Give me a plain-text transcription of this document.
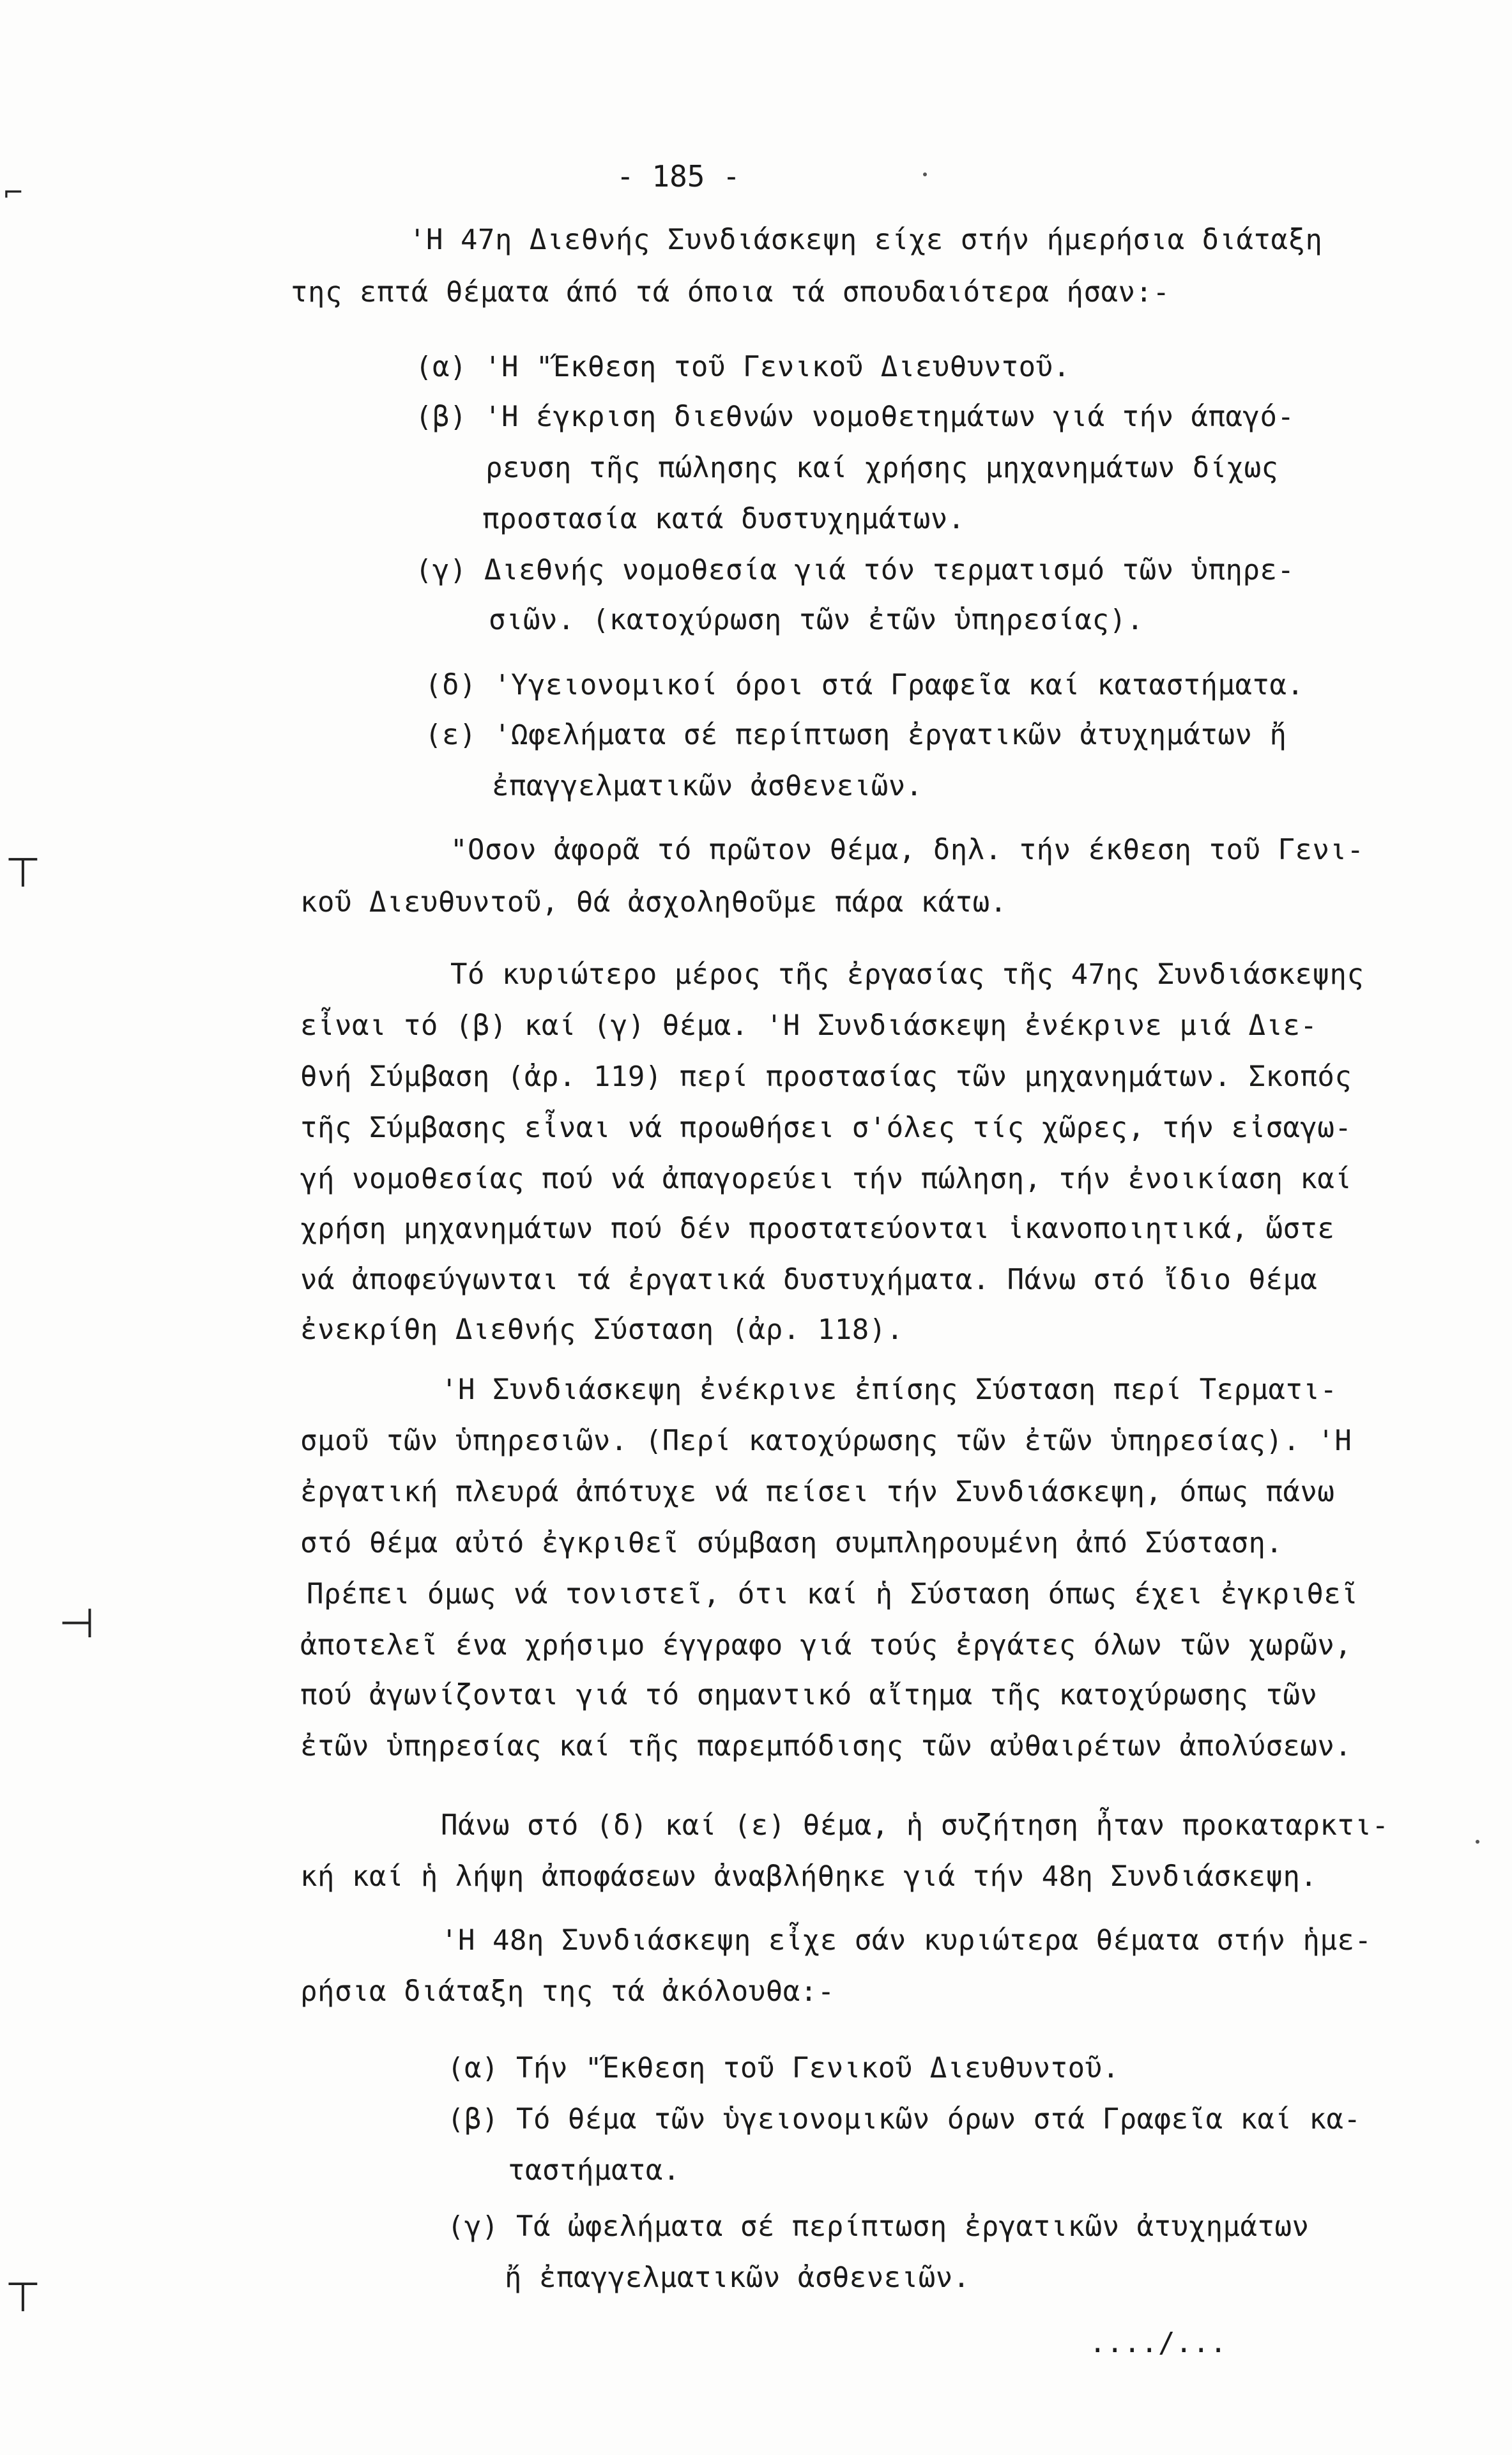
⊤
⊣
⊤
⌐	- 185 -
'Η 47η Διεθνής Συνδιάσκεψη είχε στήν ήμερήσια διάταξη
της επτά θέματα άπό τά όποια τά σπουδαιότερα ήσαν:-
(α) 'Η "Έκθεση τοῦ Γενικοῦ Διευθυντοῦ.
(β) 'Η έγκριση διεθνών νομοθετημάτων γιά τήν άπαγό-
ρευση τῆς πώλησης καί χρήσης μηχανημάτων δίχως
προστασία κατά δυστυχημάτων.
(γ) Διεθνής νομοθεσία γιά τόν τερματισμό τῶν ὑπηρε-
σιῶν. (κατοχύρωση τῶν ἐτῶν ὑπηρεσίας).
(δ) 'Υγειονομικοί όροι στά Γραφεῖα καί καταστήματα.
(ε) 'Ωφελήματα σέ περίπτωση ἐργατικῶν ἀτυχημάτων ἤ
ἐπαγγελματικῶν ἀσθενειῶν.
"Οσον ἀφορᾶ τό πρῶτον θέμα, δηλ. τήν έκθεση τοῦ Γενι-
κοῦ Διευθυντοῦ, θά ἀσχοληθοῦμε πάρα κάτω.
Τό κυριώτερο μέρος τῆς ἐργασίας τῆς 47ης Συνδιάσκεψης
εἶναι τό (β) καί (γ) θέμα. 'Η Συνδιάσκεψη ἐνέκρινε μιά Διε-
θνή Σύμβαση (ἀρ. 119) περί προστασίας τῶν μηχανημάτων. Σκοπός
τῆς Σύμβασης εἶναι νά προωθήσει σ'όλες τίς χῶρες, τήν εἰσαγω-
γή νομοθεσίας πού νά ἀπαγορεύει τήν πώληση, τήν ἐνοικίαση καί
χρήση μηχανημάτων πού δέν προστατεύονται ἱκανοποιητικά, ὥστε
νά ἀποφεύγωνται τά ἐργατικά δυστυχήματα. Πάνω στό ἴδιο θέμα
ἐνεκρίθη Διεθνής Σύσταση (ἀρ. 118).
'Η Συνδιάσκεψη ἐνέκρινε ἐπίσης Σύσταση περί Τερματι-
σμοῦ τῶν ὑπηρεσιῶν. (Περί κατοχύρωσης τῶν ἐτῶν ὑπηρεσίας). 'Η
ἐργατική πλευρά ἀπότυχε νά πείσει τήν Συνδιάσκεψη, όπως πάνω
στό θέμα αὐτό ἐγκριθεῖ σύμβαση συμπληρουμένη ἀπό Σύσταση.
Πρέπει όμως νά τονιστεῖ, ότι καί ἡ Σύσταση όπως έχει ἐγκριθεῖ
ἀποτελεῖ ένα χρήσιμο έγγραφο γιά τούς ἐργάτες όλων τῶν χωρῶν,
πού ἀγωνίζονται γιά τό σημαντικό αἴτημα τῆς κατοχύρωσης τῶν
ἐτῶν ὑπηρεσίας καί τῆς παρεμπόδισης τῶν αὐθαιρέτων ἀπολύσεων.
Πάνω στό (δ) καί (ε) θέμα, ἡ συζήτηση ἦταν προκαταρκτι-
κή καί ἡ λήψη ἀποφάσεων ἀναβλήθηκε γιά τήν 48η Συνδιάσκεψη.
'Η 48η Συνδιάσκεψη εἶχε σάν κυριώτερα θέματα στήν ἡμε-
ρήσια διάταξη της τά ἀκόλουθα:-
(α) Τήν "Έκθεση τοῦ Γενικοῦ Διευθυντοῦ.
(β) Τό θέμα τῶν ὑγειονομικῶν όρων στά Γραφεῖα καί κα-
ταστήματα.
(γ) Τά ὠφελήματα σέ περίπτωση ἐργατικῶν ἀτυχημάτων
ἤ ἐπαγγελματικῶν ἀσθενειῶν.
..../...
